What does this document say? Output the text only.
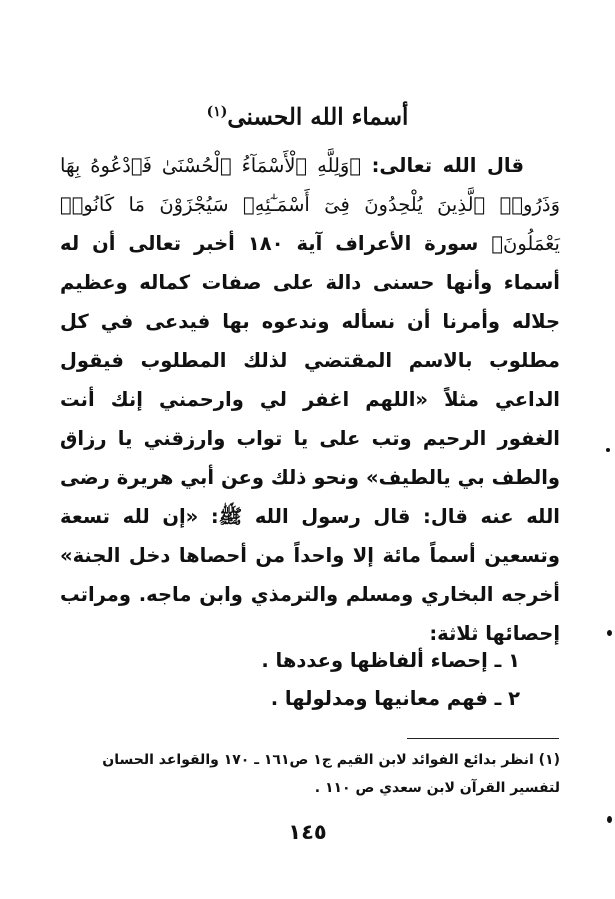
أسماء الله الحسنى$^{(١)}$

قال الله تعالى: ﴿وَلِلَّهِ ٱلْأَسْمَآءُ ٱلْحُسْنَىٰ فَٱدْعُوهُ بِهَا وَذَرُوا۟ ٱلَّذِينَ يُلْحِدُونَ فِىٓ أَسْمَـٰٓئِهِۦ سَيُجْزَوْنَ مَا كَانُوا۟ يَعْمَلُونَ﴾ سورة الأعراف آية ١٨٠ أخبر تعالى أن له أسماء وأنها حسنى دالة على صفات كماله وعظيم جلاله وأمرنا أن نسأله وندعوه بها فيدعى في كل مطلوب بالاسم المقتضي لذلك المطلوب فيقول الداعي مثلاً «اللهم اغفر لي وارحمني إنك أنت الغفور الرحيم وتب على يا تواب وارزقني يا رزاق والطف بي يالطيف» ونحو ذلك وعن أبي هريرة رضى الله عنه قال: قال رسول الله ﷺ: «إن لله تسعة وتسعين أسماً مائة إلا واحداً من أحصاها دخل الجنة» أخرجه البخاري ومسلم والترمذي وابن ماجه. ومراتب إحصائها ثلاثة:

١ ـ إحصاء ألفاظها وعددها .
٢ ـ فهم معانيها ومدلولها .

(١) انظر بدائع الفوائد لابن القيم ج١ ص١٦١ ـ ١٧٠ والقواعد الحسان

لتفسير القرآن لابن سعدي ص ١١٠ .

١٤٥
